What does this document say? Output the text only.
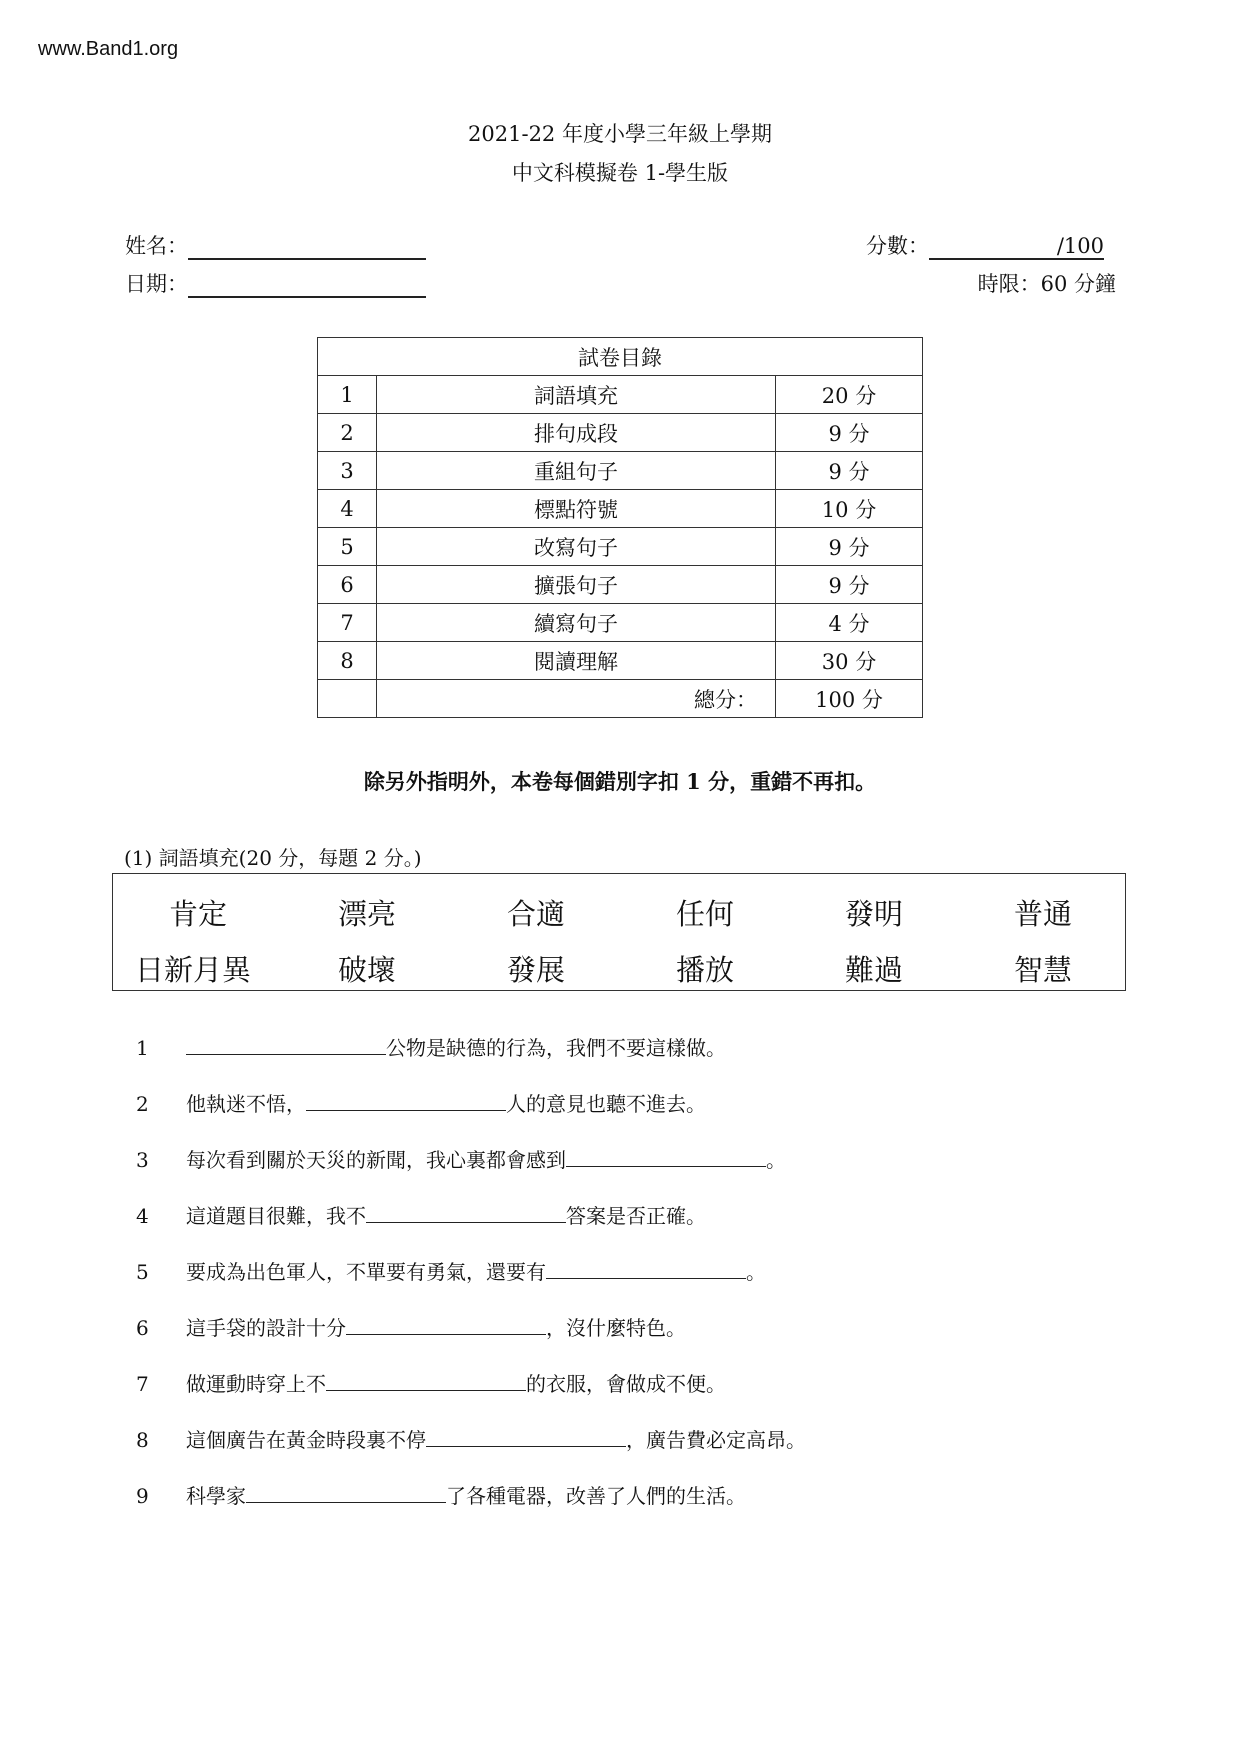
www.Band1.org
2021-22 年度小學三年級上學期
中文科模擬卷 1-學生版
姓名：
日期：
分數：	/100
時限：60 分鐘
試卷目錄		
1	詞語填充	20 分
2	排句成段	9 分
3	重組句子	9 分
4	標點符號	10 分
5	改寫句子	9 分
6	擴張句子	9 分
7	續寫句子	4 分
8	閱讀理解	30 分
	總分：	100 分
除另外指明外，本卷每個錯別字扣 1 分，重錯不再扣。
(1) 詞語填充(20 分，每題 2 分。)
肯定	漂亮	合適	任何	發明	普通
日新月異	破壞	發展	播放	難過	智慧
1	公物是缺德的行為，我們不要這樣做。
2 他執迷不悟，	人的意見也聽不進去。
3 每次看到關於天災的新聞，我心裏都會感到	。
4 這道題目很難，我不	答案是否正確。
5 要成為出色軍人，不單要有勇氣，還要有	。
6 這手袋的設計十分	，沒什麼特色。
7 做運動時穿上不	的衣服，會做成不便。
8 這個廣告在黃金時段裏不停	，廣告費必定高昂。
9 科學家	了各種電器，改善了人們的生活。
